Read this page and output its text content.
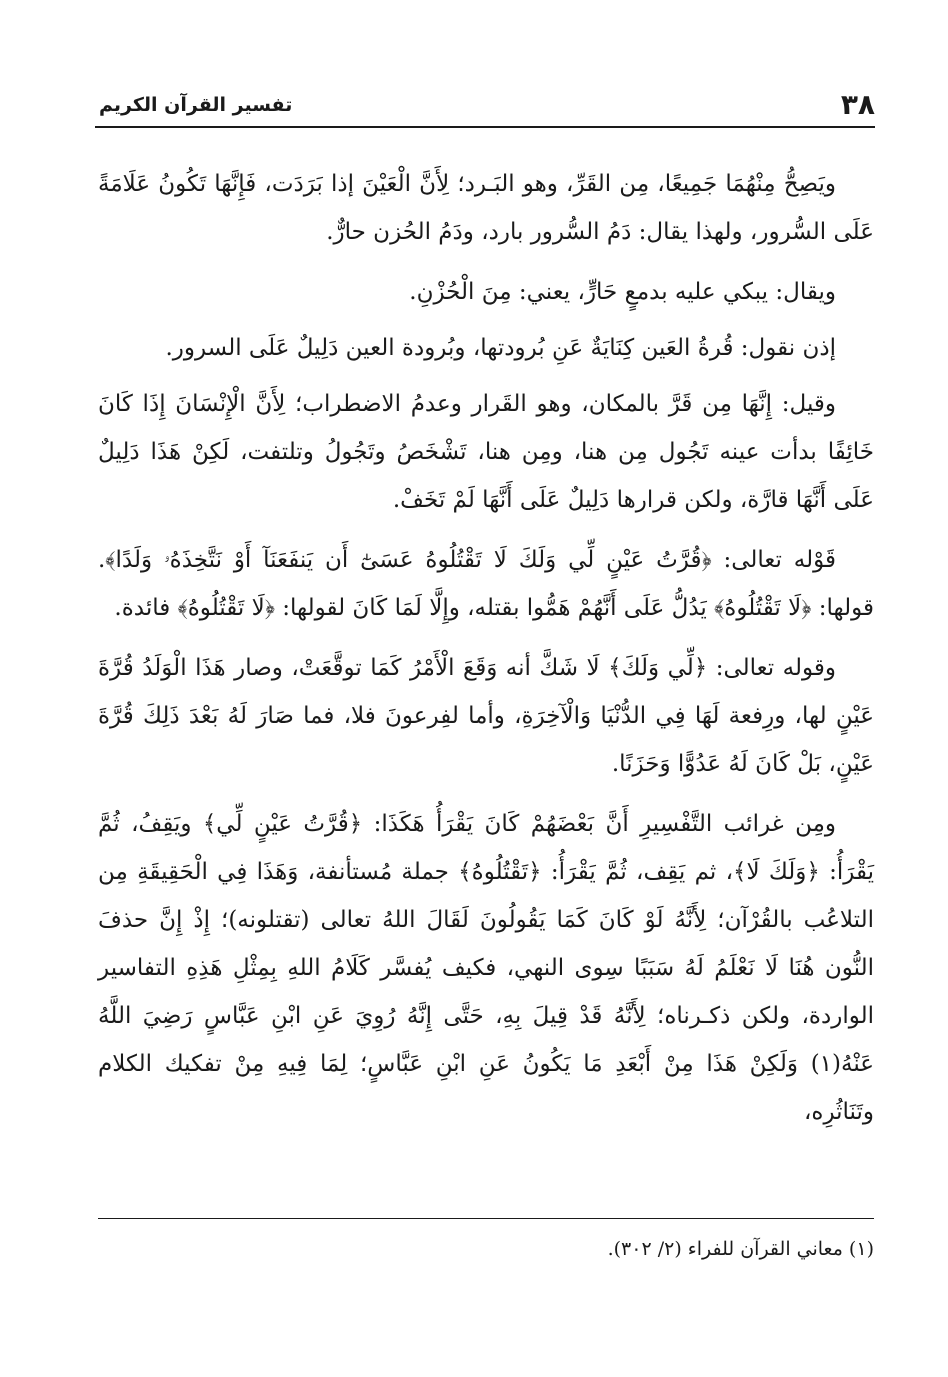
٣٨
تفسير القرآن الكريم

ويَصِحُّ مِنْهُمَا جَمِيعًا، مِن القَرِّ، وهو البَـرد؛ لِأَنَّ الْعَيْنَ إذا بَرَدَت، فَإِنَّهَا تَكُونُ عَلَامَةً عَلَى السُّرور، ولهذا يقال: دَمُ السُّرور بارد، ودَمُ الحُزن حارٌّ.

ويقال: يبكي عليه بدمعٍ حَارٍّ، يعني: مِنَ الْحُزْنِ.

إذن نقول: قُرةُ العَين كِنَايَةٌ عَنِ بُرودتها، وبُرودة العين دَلِيلٌ عَلَى السرور.

وقيل: إِنَّهَا مِن قَرَّ بالمكان، وهو القَرار وعدمُ الاضطراب؛ لِأَنَّ الْإِنْسَانَ إِذَا كَانَ خَائِفًا بدأت عينه تَجُول مِن هنا، ومِن هنا، تَشْخَصُ وتَجُولُ وتلتفت، لَكِنْ هَذَا دَلِيلٌ عَلَى أَنَّهَا قارَّة، ولكن قرارها دَلِيلٌ عَلَى أَنَّهَا لَمْ تَخَفْ.

قَوْله تعالى: ﴿قُرَّتُ عَيْنٍ لِّي وَلَكَ لَا تَقْتُلُوهُ عَسَىٰٓ أَن يَنفَعَنَآ أَوْ نَتَّخِذَهُۥ وَلَدًا﴾. قولها: ﴿لَا تَقْتُلُوهُ﴾ يَدُلُّ عَلَى أَنَّهُمْ هَمُّوا بقتله، وإِلَّا لَمَا كَانَ لقولها: ﴿لَا تَقْتُلُوهُ﴾ فائدة.

وقوله تعالى: ﴿لِّي وَلَكَ﴾ لَا شَكَّ أنه وَقَعَ الْأَمْرُ كَمَا توقَّعَتْ، وصار هَذَا الْوَلَدُ قُرَّةَ عَيْنٍ لها، ورِفعة لَهَا فِي الدُّنْيَا وَالْآخِرَةِ، وأما لفِرعونَ فلا، فما صَارَ لَهُ بَعْدَ ذَلِكَ قُرَّةَ عَيْنٍ، بَلْ كَانَ لَهُ عَدُوًّا وَحَزَنًا.

ومِن غرائب التَّفْسِيرِ أَنَّ بَعْضَهُمْ كَانَ يَقْرَأُ هَكَذَا: ﴿قُرَّتُ عَيْنٍ لِّي﴾ ويَقِفُ، ثُمَّ يَقْرَأُ: ﴿وَلَكَ لَا﴾، ثم يَقِف، ثُمَّ يَقْرَأُ: ﴿تَقْتُلُوهُ﴾ جملة مُستأنفة، وَهَذَا فِي الْحَقِيقَةِ مِن التلاعُب بالقُرْآن؛ لِأَنَّهُ لَوْ كَانَ كَمَا يَقُولُونَ لَقَالَ اللهُ تعالى (تقتلونه)؛ إِذْ إِنَّ حذفَ النُّون هُنَا لَا نَعْلَمُ لَهُ سَبَبًا سِوى النهي، فكيف يُفسَّر كَلَامُ اللهِ بِمِثْلِ هَذِهِ التفاسير الواردة، ولكن ذكـرناه؛ لِأَنَّهُ قَدْ قِيلَ بِهِ، حَتَّى إِنَّهُ رُوِيَ عَنِ ابْنِ عَبَّاسٍ رَضِيَ اللَّهُ عَنْهُ(١) وَلَكِنْ هَذَا مِنْ أَبْعَدِ مَا يَكُونُ عَنِ ابْنِ عَبَّاسٍ؛ لِمَا فِيهِ مِنْ تفكيك الكلام وتَنَاثُرِه،

(١) معاني القرآن للفراء (٢/ ٣٠٢).
